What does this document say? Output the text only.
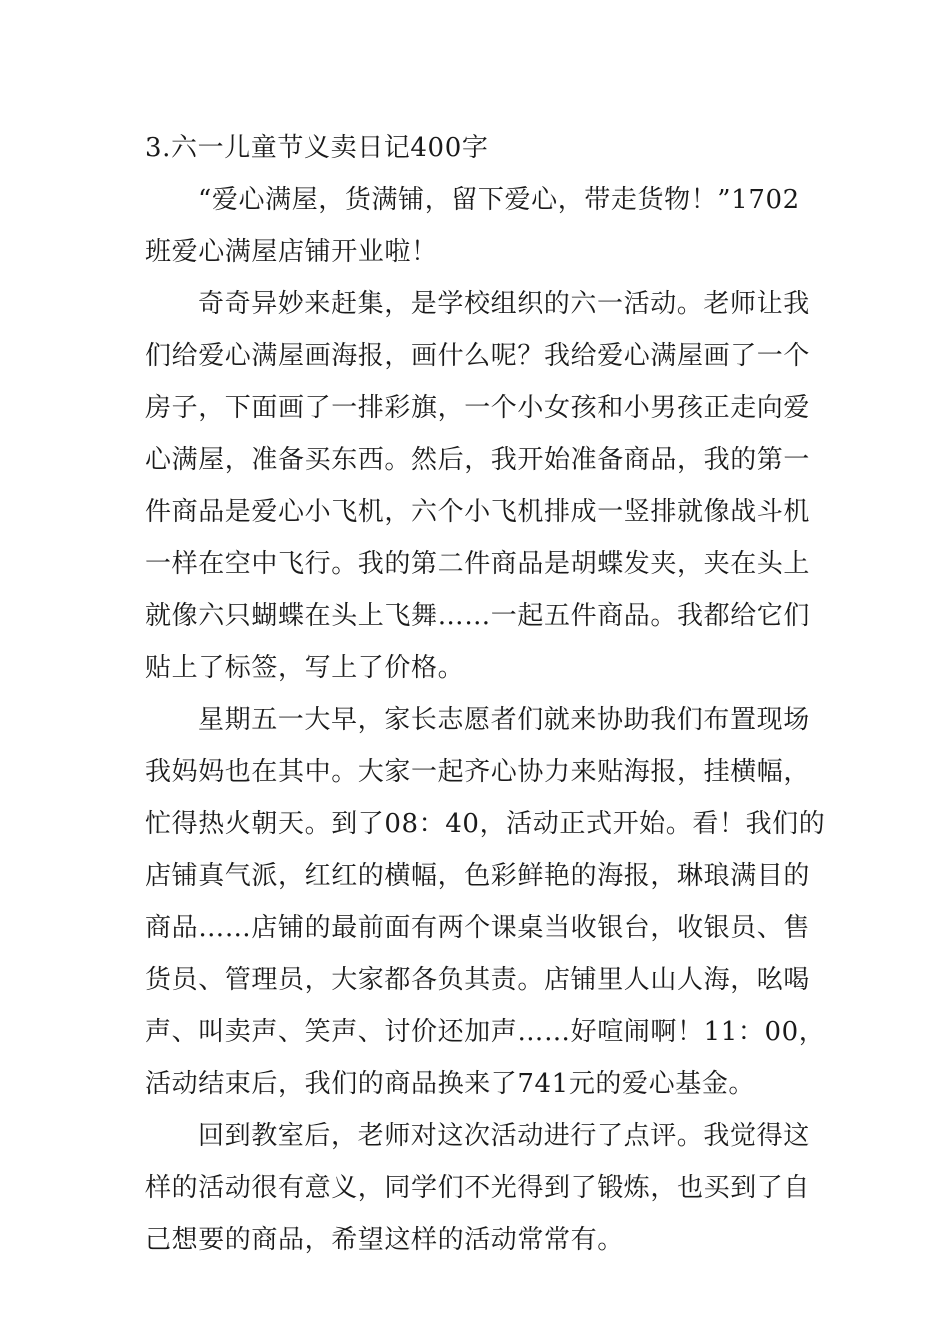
3.六一儿童节义卖日记400字

“爱心满屋，货满铺，留下爱心，带走货物！”1702

班爱心满屋店铺开业啦！

奇奇异妙来赶集，是学校组织的六一活动。老师让我

们给爱心满屋画海报，画什么呢？我给爱心满屋画了一个

房子，下面画了一排彩旗，一个小女孩和小男孩正走向爱

心满屋，准备买东西。然后，我开始准备商品，我的第一

件商品是爱心小飞机，六个小飞机排成一竖排就像战斗机

一样在空中飞行。我的第二件商品是胡蝶发夹，夹在头上

就像六只蝴蝶在头上飞舞……一起五件商品。我都给它们

贴上了标签，写上了价格。

星期五一大早，家长志愿者们就来协助我们布置现场

我妈妈也在其中。大家一起齐心协力来贴海报，挂横幅，

忙得热火朝天。到了08：40，活动正式开始。看！我们的

店铺真气派，红红的横幅，色彩鲜艳的海报，琳琅满目的

商品……店铺的最前面有两个课桌当收银台，收银员、售

货员、管理员，大家都各负其责。店铺里人山人海，吆喝

声、叫卖声、笑声、讨价还加声……好喧闹啊！11：00，

活动结束后，我们的商品换来了741元的爱心基金。

回到教室后，老师对这次活动进行了点评。我觉得这

样的活动很有意义，同学们不光得到了锻炼，也买到了自

己想要的商品，希望这样的活动常常有。
